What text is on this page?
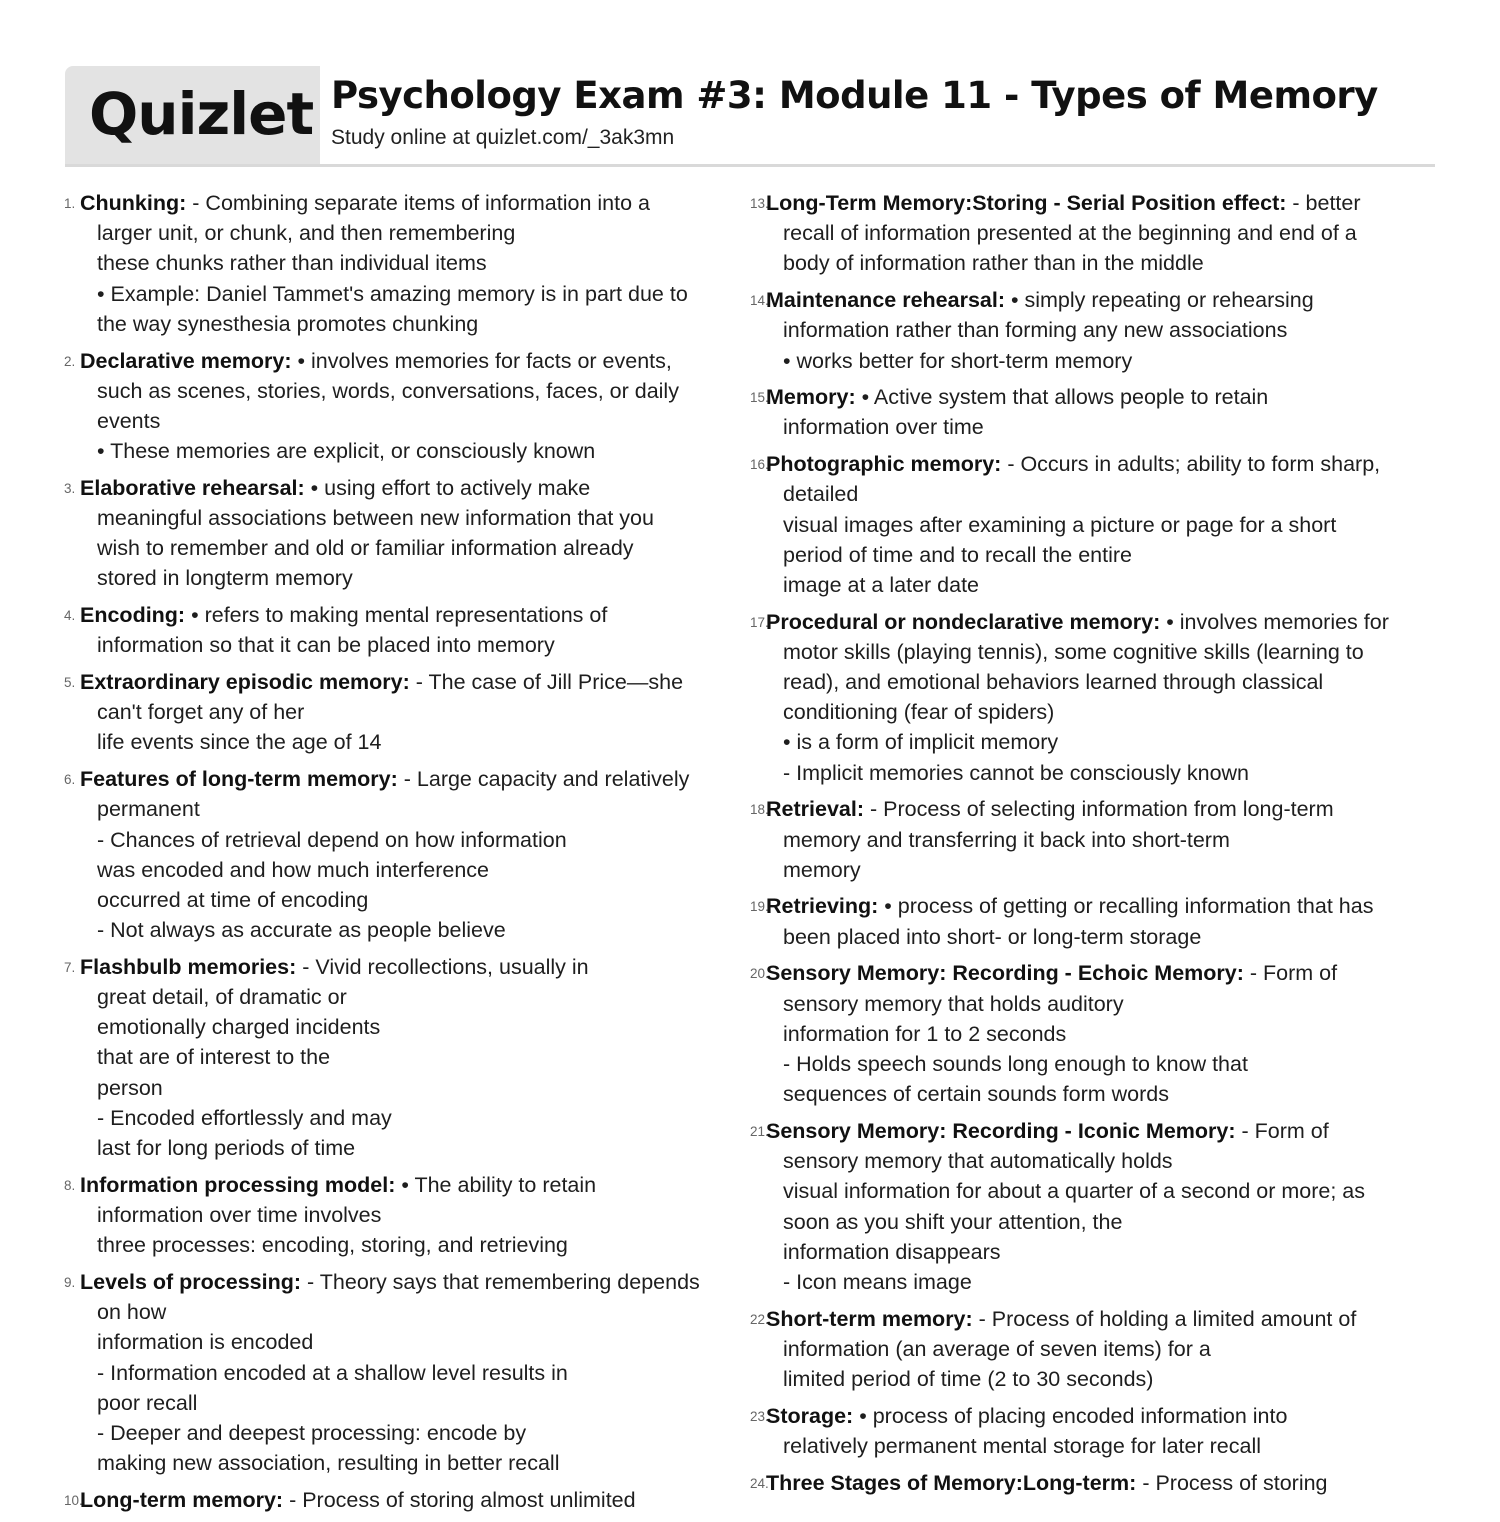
Quizlet Psychology Exam #3: Module 11 - Types of Memory
Study online at quizlet.com/_3ak3mn
1. Chunking: - Combining separate items of information into a
larger unit, or chunk, and then remembering
these chunks rather than individual items
• Example: Daniel Tammet's amazing memory is in part due to
the way synesthesia promotes chunking
2. Declarative memory: • involves memories for facts or events,
such as scenes, stories, words, conversations, faces, or daily
events
• These memories are explicit, or consciously known
3. Elaborative rehearsal: • using effort to actively make
meaningful associations between new information that you
wish to remember and old or familiar information already
stored in longterm memory
4. Encoding: • refers to making mental representations of
information so that it can be placed into memory
5. Extraordinary episodic memory: - The case of Jill Price—she
can't forget any of her
life events since the age of 14
6. Features of long-term memory: - Large capacity and relatively
permanent
- Chances of retrieval depend on how information
was encoded and how much interference
occurred at time of encoding
- Not always as accurate as people believe
7. Flashbulb memories: - Vivid recollections, usually in
great detail, of dramatic or
emotionally charged incidents
that are of interest to the
person
- Encoded effortlessly and may
last for long periods of time
8. Information processing model: • The ability to retain
information over time involves
three processes: encoding, storing, and retrieving
9. Levels of processing: - Theory says that remembering depends
on how
information is encoded
- Information encoded at a shallow level results in
poor recall
- Deeper and deepest processing: encode by
making new association, resulting in better recall
10.
Long-term memory: - Process of storing almost unlimited
13.
Long-Term Memory:Storing - Serial Position effect: - better
recall of information presented at the beginning and end of a
body of information rather than in the middle
14.
Maintenance rehearsal: • simply repeating or rehearsing
information rather than forming any new associations
• works better for short-term memory
15.
Memory: • Active system that allows people to retain
information over time
16.
Photographic memory: - Occurs in adults; ability to form sharp,
detailed
visual images after examining a picture or page for a short
period of time and to recall the entire
image at a later date
17.
Procedural or nondeclarative memory: • involves memories for
motor skills (playing tennis), some cognitive skills (learning to
read), and emotional behaviors learned through classical
conditioning (fear of spiders)
• is a form of implicit memory
- Implicit memories cannot be consciously known
18.
Retrieval: - Process of selecting information from long-term
memory and transferring it back into short-term
memory
19.
Retrieving: • process of getting or recalling information that has
been placed into short- or long-term storage
20.
Sensory Memory: Recording - Echoic Memory: - Form of
sensory memory that holds auditory
information for 1 to 2 seconds
- Holds speech sounds long enough to know that
sequences of certain sounds form words
21.
Sensory Memory: Recording - Iconic Memory: - Form of
sensory memory that automatically holds
visual information for about a quarter of a second or more; as
soon as you shift your attention, the
information disappears
- Icon means image
22.
Short-term memory: - Process of holding a limited amount of
information (an average of seven items) for a
limited period of time (2 to 30 seconds)
23.
Storage: • process of placing encoded information into
relatively permanent mental storage for later recall
24.
Three Stages of Memory:Long-term: - Process of storing
